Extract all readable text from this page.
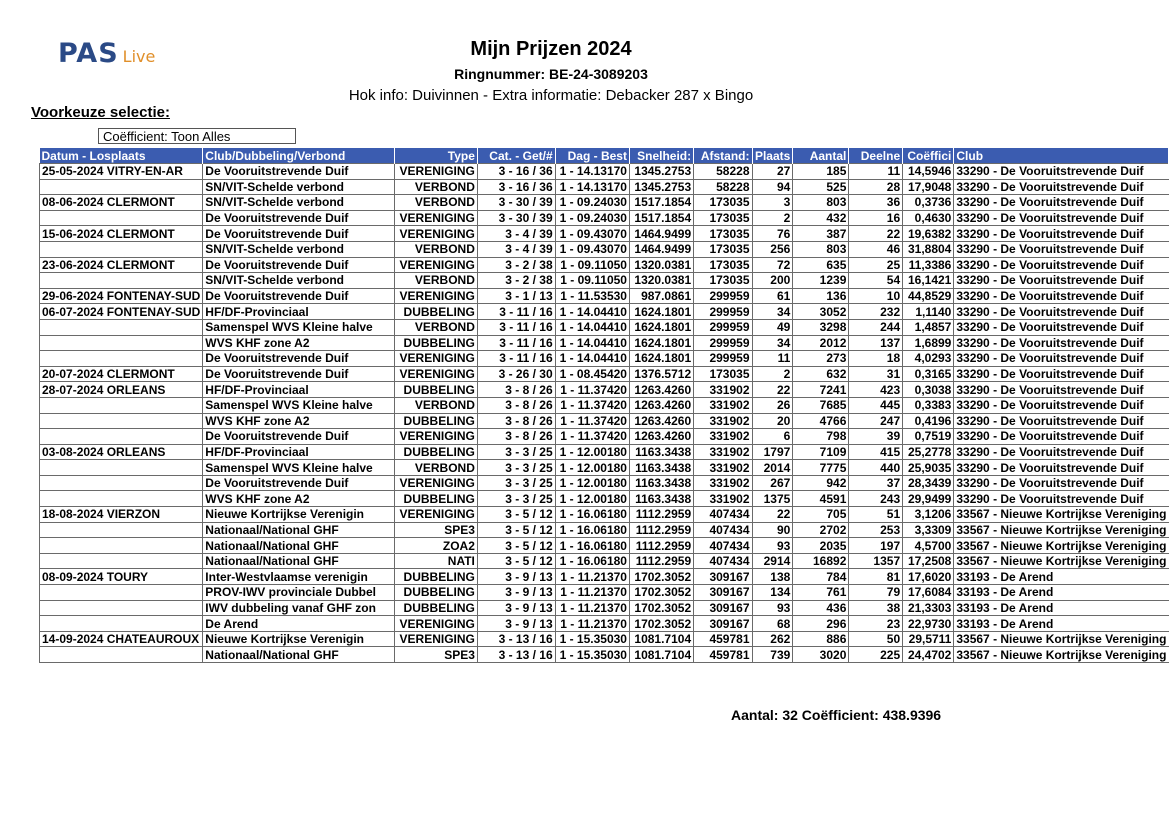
PAS Live	Mijn Prijzen 2024
Ringnummer: BE-24-3089203
Hok info: Duivinnen - Extra informatie: Debacker 287 x Bingo
Voorkeuze selectie:
Coëfficient: Toon Alles
Datum - Losplaats	Club/Dubbeling/Verbond	Type	Cat. - Get/#	Dag - Best	Snelheid:	Afstand:	Plaats	Aantal	Deelne	Coëffici	Club
25-05-2024 VITRY-EN-AR	De Vooruitstrevende Duif	VERENIGING	3 - 16 / 36	1 - 14.13170	1345.2753	58228	27	185	11	14,5946	33290 - De Vooruitstrevende Duif
	SN/VIT-Schelde verbond	VERBOND	3 - 16 / 36	1 - 14.13170	1345.2753	58228	94	525	28	17,9048	33290 - De Vooruitstrevende Duif
08-06-2024 CLERMONT	SN/VIT-Schelde verbond	VERBOND	3 - 30 / 39	1 - 09.24030	1517.1854	173035	3	803	36	0,3736	33290 - De Vooruitstrevende Duif
	De Vooruitstrevende Duif	VERENIGING	3 - 30 / 39	1 - 09.24030	1517.1854	173035	2	432	16	0,4630	33290 - De Vooruitstrevende Duif
15-06-2024 CLERMONT	De Vooruitstrevende Duif	VERENIGING	3 - 4 / 39	1 - 09.43070	1464.9499	173035	76	387	22	19,6382	33290 - De Vooruitstrevende Duif
	SN/VIT-Schelde verbond	VERBOND	3 - 4 / 39	1 - 09.43070	1464.9499	173035	256	803	46	31,8804	33290 - De Vooruitstrevende Duif
23-06-2024 CLERMONT	De Vooruitstrevende Duif	VERENIGING	3 - 2 / 38	1 - 09.11050	1320.0381	173035	72	635	25	11,3386	33290 - De Vooruitstrevende Duif
	SN/VIT-Schelde verbond	VERBOND	3 - 2 / 38	1 - 09.11050	1320.0381	173035	200	1239	54	16,1421	33290 - De Vooruitstrevende Duif
29-06-2024 FONTENAY-SUD	De Vooruitstrevende Duif	VERENIGING	3 - 1 / 13	1 - 11.53530	987.0861	299959	61	136	10	44,8529	33290 - De Vooruitstrevende Duif
06-07-2024 FONTENAY-SUD	HF/DF-Provinciaal	DUBBELING	3 - 11 / 16	1 - 14.04410	1624.1801	299959	34	3052	232	1,1140	33290 - De Vooruitstrevende Duif
	Samenspel WVS Kleine halve	VERBOND	3 - 11 / 16	1 - 14.04410	1624.1801	299959	49	3298	244	1,4857	33290 - De Vooruitstrevende Duif
	WVS KHF zone A2	DUBBELING	3 - 11 / 16	1 - 14.04410	1624.1801	299959	34	2012	137	1,6899	33290 - De Vooruitstrevende Duif
	De Vooruitstrevende Duif	VERENIGING	3 - 11 / 16	1 - 14.04410	1624.1801	299959	11	273	18	4,0293	33290 - De Vooruitstrevende Duif
20-07-2024 CLERMONT	De Vooruitstrevende Duif	VERENIGING	3 - 26 / 30	1 - 08.45420	1376.5712	173035	2	632	31	0,3165	33290 - De Vooruitstrevende Duif
28-07-2024 ORLEANS	HF/DF-Provinciaal	DUBBELING	3 - 8 / 26	1 - 11.37420	1263.4260	331902	22	7241	423	0,3038	33290 - De Vooruitstrevende Duif
	Samenspel WVS Kleine halve	VERBOND	3 - 8 / 26	1 - 11.37420	1263.4260	331902	26	7685	445	0,3383	33290 - De Vooruitstrevende Duif
	WVS KHF zone A2	DUBBELING	3 - 8 / 26	1 - 11.37420	1263.4260	331902	20	4766	247	0,4196	33290 - De Vooruitstrevende Duif
	De Vooruitstrevende Duif	VERENIGING	3 - 8 / 26	1 - 11.37420	1263.4260	331902	6	798	39	0,7519	33290 - De Vooruitstrevende Duif
03-08-2024 ORLEANS	HF/DF-Provinciaal	DUBBELING	3 - 3 / 25	1 - 12.00180	1163.3438	331902	1797	7109	415	25,2778	33290 - De Vooruitstrevende Duif
	Samenspel WVS Kleine halve	VERBOND	3 - 3 / 25	1 - 12.00180	1163.3438	331902	2014	7775	440	25,9035	33290 - De Vooruitstrevende Duif
	De Vooruitstrevende Duif	VERENIGING	3 - 3 / 25	1 - 12.00180	1163.3438	331902	267	942	37	28,3439	33290 - De Vooruitstrevende Duif
	WVS KHF zone A2	DUBBELING	3 - 3 / 25	1 - 12.00180	1163.3438	331902	1375	4591	243	29,9499	33290 - De Vooruitstrevende Duif
18-08-2024 VIERZON	Nieuwe Kortrijkse Verenigin	VERENIGING	3 - 5 / 12	1 - 16.06180	1112.2959	407434	22	705	51	3,1206	33567 - Nieuwe Kortrijkse Vereniging
	Nationaal/National GHF	SPE3	3 - 5 / 12	1 - 16.06180	1112.2959	407434	90	2702	253	3,3309	33567 - Nieuwe Kortrijkse Vereniging
	Nationaal/National GHF	ZOA2	3 - 5 / 12	1 - 16.06180	1112.2959	407434	93	2035	197	4,5700	33567 - Nieuwe Kortrijkse Vereniging
	Nationaal/National GHF	NATI	3 - 5 / 12	1 - 16.06180	1112.2959	407434	2914	16892	1357	17,2508	33567 - Nieuwe Kortrijkse Vereniging
08-09-2024 TOURY	Inter-Westvlaamse verenigin	DUBBELING	3 - 9 / 13	1 - 11.21370	1702.3052	309167	138	784	81	17,6020	33193 - De Arend
	PROV-IWV provinciale Dubbel	DUBBELING	3 - 9 / 13	1 - 11.21370	1702.3052	309167	134	761	79	17,6084	33193 - De Arend
	IWV dubbeling vanaf GHF zon	DUBBELING	3 - 9 / 13	1 - 11.21370	1702.3052	309167	93	436	38	21,3303	33193 - De Arend
	De Arend	VERENIGING	3 - 9 / 13	1 - 11.21370	1702.3052	309167	68	296	23	22,9730	33193 - De Arend
14-09-2024 CHATEAUROUX	Nieuwe Kortrijkse Verenigin	VERENIGING	3 - 13 / 16	1 - 15.35030	1081.7104	459781	262	886	50	29,5711	33567 - Nieuwe Kortrijkse Vereniging
	Nationaal/National GHF	SPE3	3 - 13 / 16	1 - 15.35030	1081.7104	459781	739	3020	225	24,4702	33567 - Nieuwe Kortrijkse Vereniging
Aantal: 32 Coëfficient: 438.9396
